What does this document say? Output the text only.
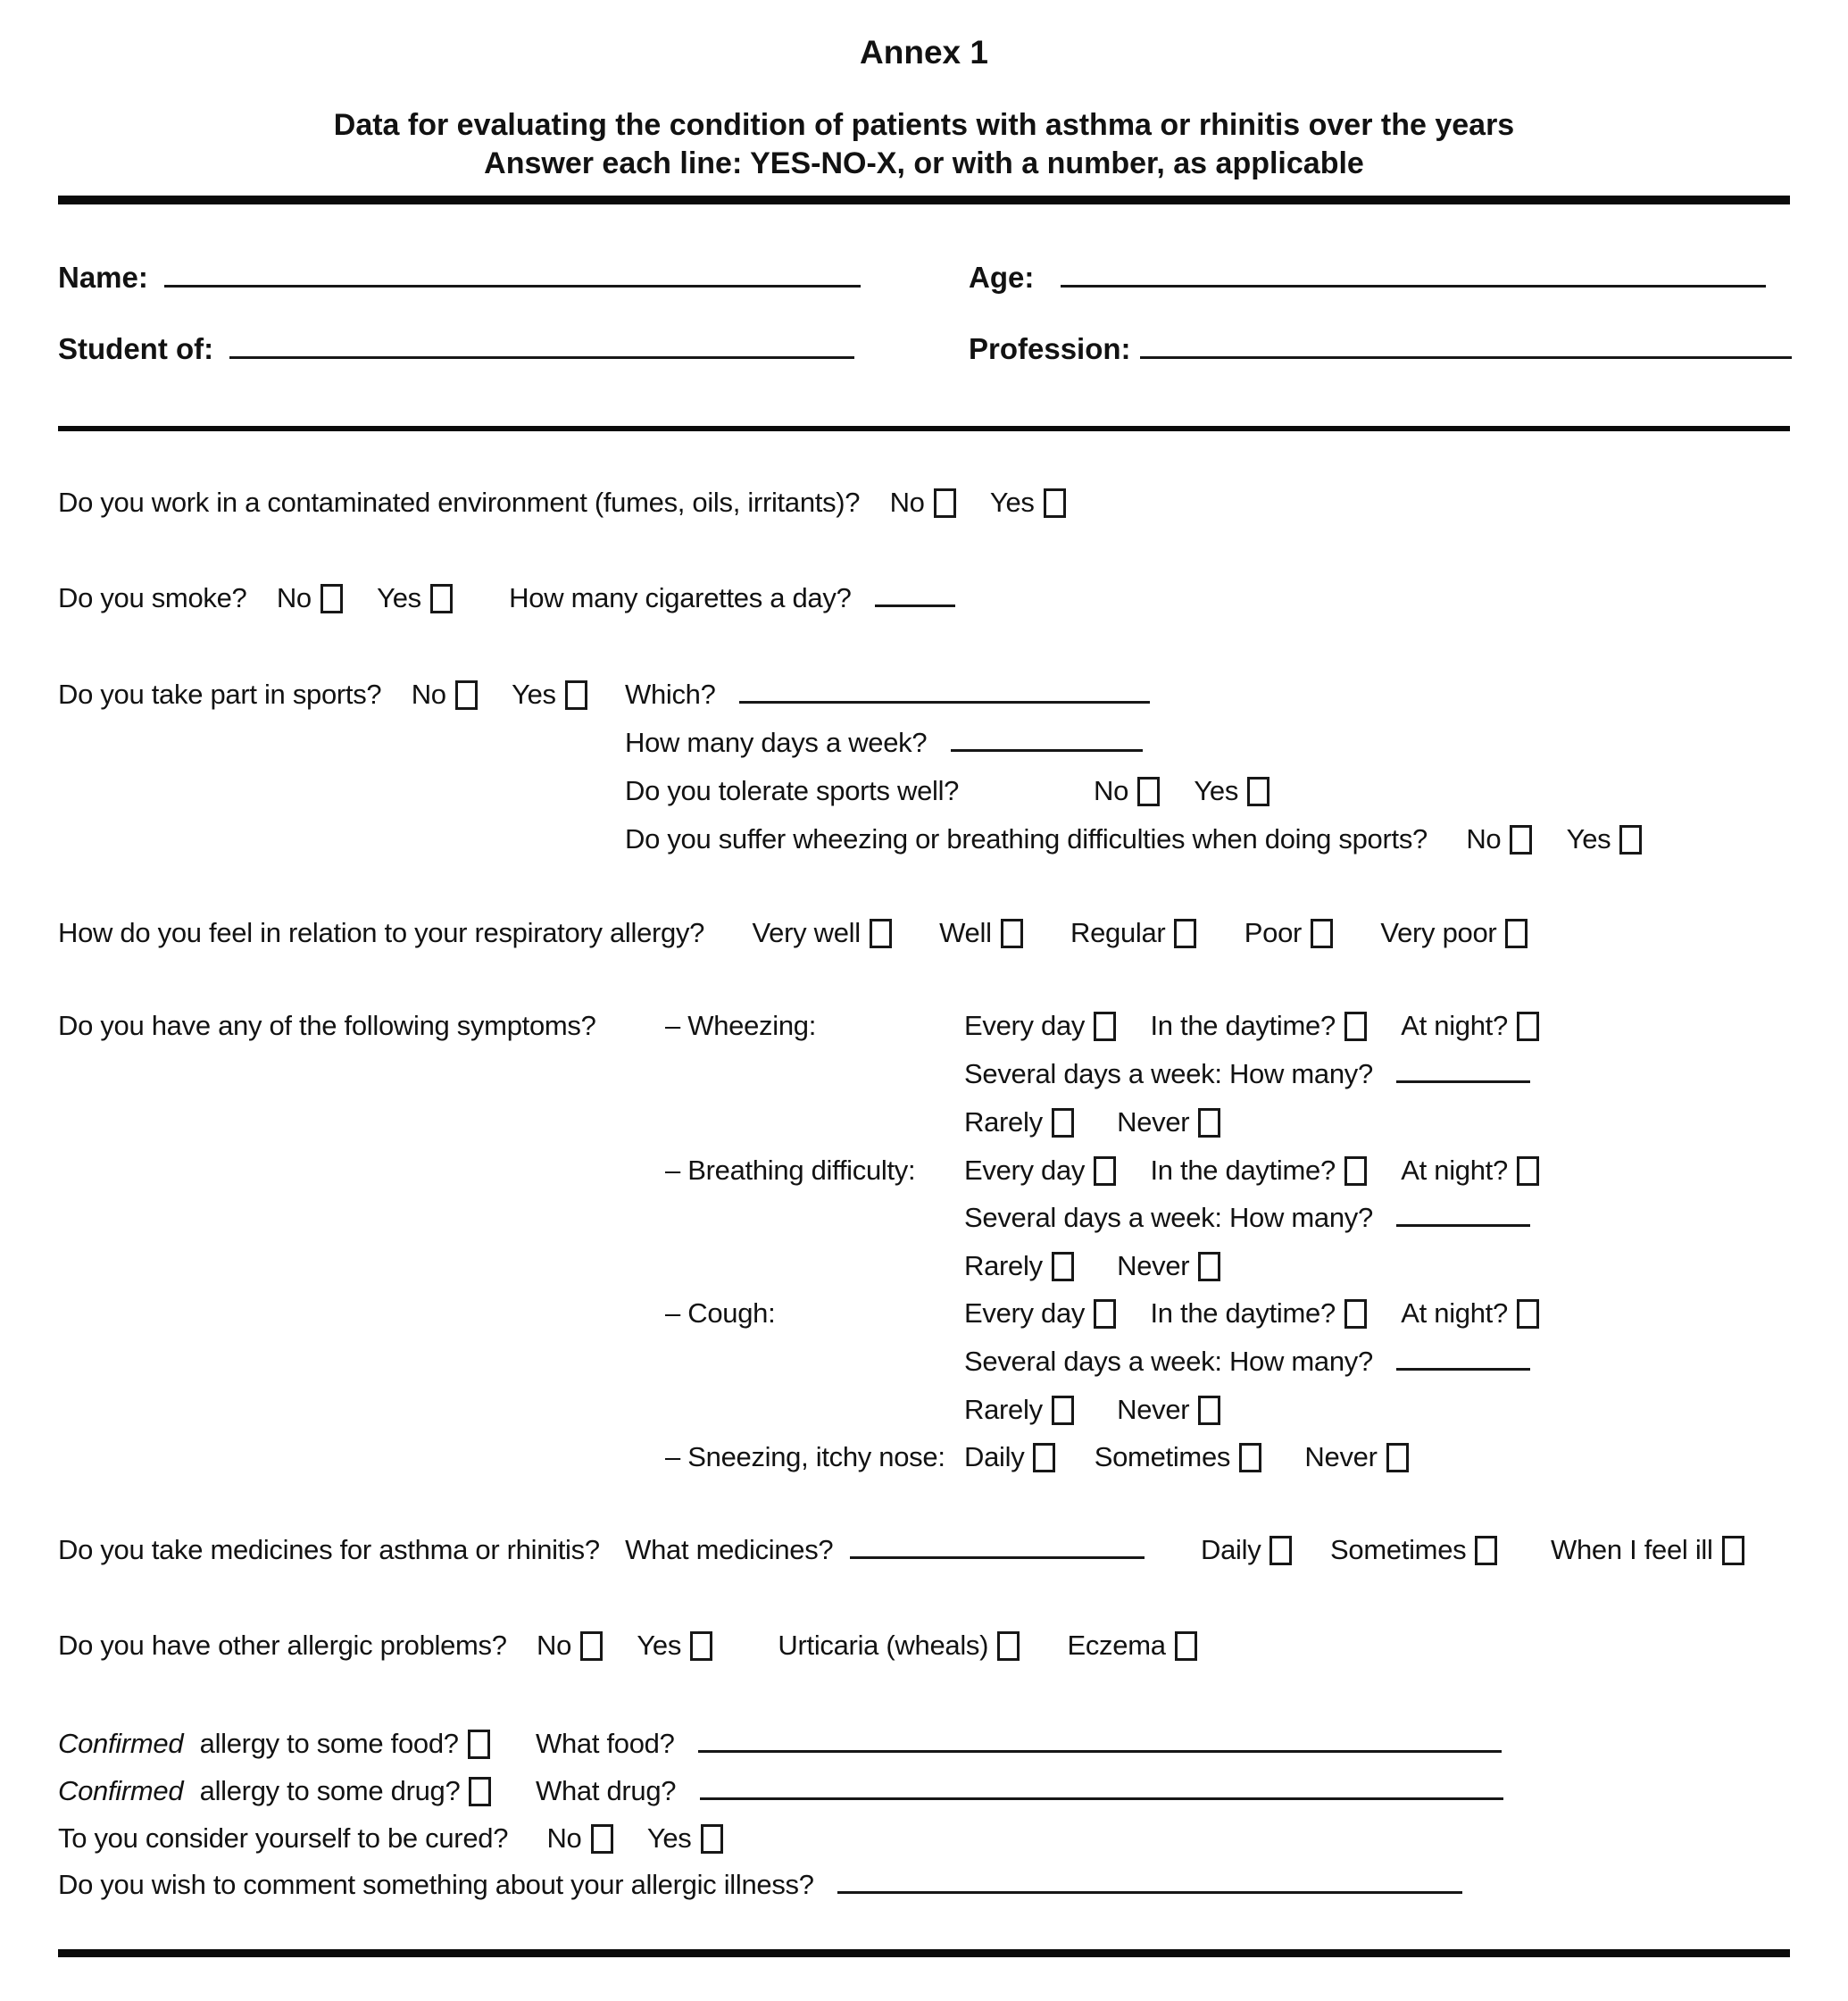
Annex 1
Data for evaluating the condition of patients with asthma or rhinitis over the years
Answer each line: YES-NO-X, or with a number, as applicable
Name:	Age:
Student of:	Profession:
Do you work in a contaminated environment (fumes, oils, irritants)? No Yes
Do you smoke? No Yes	How many cigarettes a day?
Do you take part in sports? No Yes	Which?
How many days a week?
Do you tolerate sports well?	No Yes
Do you suffer wheezing or breathing difficulties when doing sports? No Yes
How do you feel in relation to your respiratory allergy? Very well	Well	Regular	Poor	Very poor
Do you have any of the following symptoms? – Wheezing:	Every day In the daytime? At night?
Several days a week: How many?
Rarely	Never
– Breathing difficulty: Every day In the daytime? At night?
Several days a week: How many?
Rarely	Never
– Cough:	Every day In the daytime? At night?
Several days a week: How many?
Rarely	Never
– Sneezing, itchy nose: Daily	Sometimes	Never
Do you take medicines for asthma or rhinitis? What medicines?	Daily	Sometimes	When I feel ill
Do you have other allergic problems? No Yes	Urticaria (wheals)	Eczema
Confirmed allergy to some food?	What food?
Confirmed allergy to some drug?	What drug?
To you consider yourself to be cured? No Yes
Do you wish to comment something about your allergic illness?
